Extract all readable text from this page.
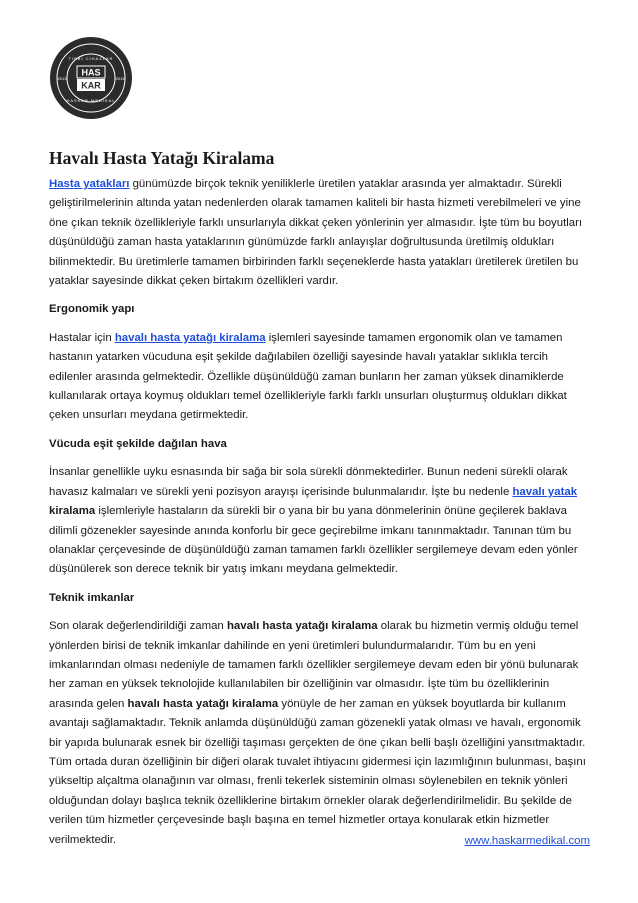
TIBBİ CİHAZLAR
HASKAR MEDİKAL
2013	2013
HAS
KAR
Havalı Hasta Yatağı Kiralama

Hasta yatakları günümüzde birçok teknik yeniliklerle üretilen yataklar arasında yer almaktadır. Sürekli geliştirilmelerinin altında yatan nedenlerden olarak tamamen kaliteli bir hasta hizmeti verebilmeleri ve yine öne çıkan teknik özellikleriyle farklı unsurlarıyla dikkat çeken yönlerinin yer almasıdır. İşte tüm bu boyutları düşünüldüğü zaman hasta yataklarının günümüzde farklı anlayışlar doğrultusunda üretilmiş oldukları bilinmektedir. Bu üretimlerle tamamen birbirinden farklı seçeneklerde hasta yatakları üretilerek üretilen bu yataklar sayesinde dikkat çeken birtakım özellikleri vardır.

Ergonomik yapı

Hastalar için havalı hasta yatağı kiralama işlemleri sayesinde tamamen ergonomik olan ve tamamen hastanın yatarken vücuduna eşit şekilde dağılabilen özelliği sayesinde havalı yataklar sıklıkla tercih edilenler arasında gelmektedir. Özellikle düşünüldüğü zaman bunların her zaman yüksek dinamiklerde kullanılarak ortaya koymuş oldukları temel özellikleriyle farklı farklı unsurları oluşturmuş oldukları dikkat çeken unsurları meydana getirmektedir.

Vücuda eşit şekilde dağılan hava

İnsanlar genellikle uyku esnasında bir sağa bir sola sürekli dönmektedirler. Bunun nedeni sürekli olarak havasız kalmaları ve sürekli yeni pozisyon arayışı içerisinde bulunmalarıdır. İşte bu nedenle havalı yatak
kiralama işlemleriyle hastaların da sürekli bir o yana bir bu yana dönmelerinin önüne geçilerek baklava dilimli gözenekler sayesinde anında konforlu bir gece geçirebilme imkanı tanınmaktadır. Tanınan tüm bu olanaklar çerçevesinde de düşünüldüğü zaman tamamen farklı özellikler sergilemeye devam eden yönler düşünülerek son derece teknik bir yatış imkanı meydana gelmektedir.

Teknik imkanlar

Son olarak değerlendirildiği zaman havalı hasta yatağı kiralama olarak bu hizmetin vermiş olduğu temel yönlerden birisi de teknik imkanlar dahilinde en yeni üretimleri bulundurmalarıdır. Tüm bu en yeni imkanlarından olması nedeniyle de tamamen farklı özellikler sergilemeye devam eden bir yönü bulunarak her zaman en yüksek teknolojide kullanılabilen bir özelliğinin var olmasıdır. İşte tüm bu özelliklerinin arasında gelen havalı hasta yatağı kiralama yönüyle de her zaman en yüksek boyutlarda bir kullanım avantajı sağlamaktadır. Teknik anlamda düşünüldüğü zaman gözenekli yatak olması ve havalı, ergonomik bir yapıda bulunarak esnek bir özelliği taşıması gerçekten de öne çıkan belli başlı özelliğini yansıtmaktadır. Tüm ortada duran özelliğinin bir diğeri olarak tuvalet ihtiyacını gidermesi için lazımlığının bulunması, başını yükseltip alçaltma olanağının var olması, frenli tekerlek sisteminin olması söylenebilen en teknik yönleri olduğundan dolayı başlıca teknik özelliklerine birtakım örnekler olarak değerlendirilmelidir. Bu şekilde de verilen tüm hizmetler çerçevesinde başlı başına en temel hizmetler ortaya konularak etkin hizmetler verilmektedir.	www.haskarmedikal.com
